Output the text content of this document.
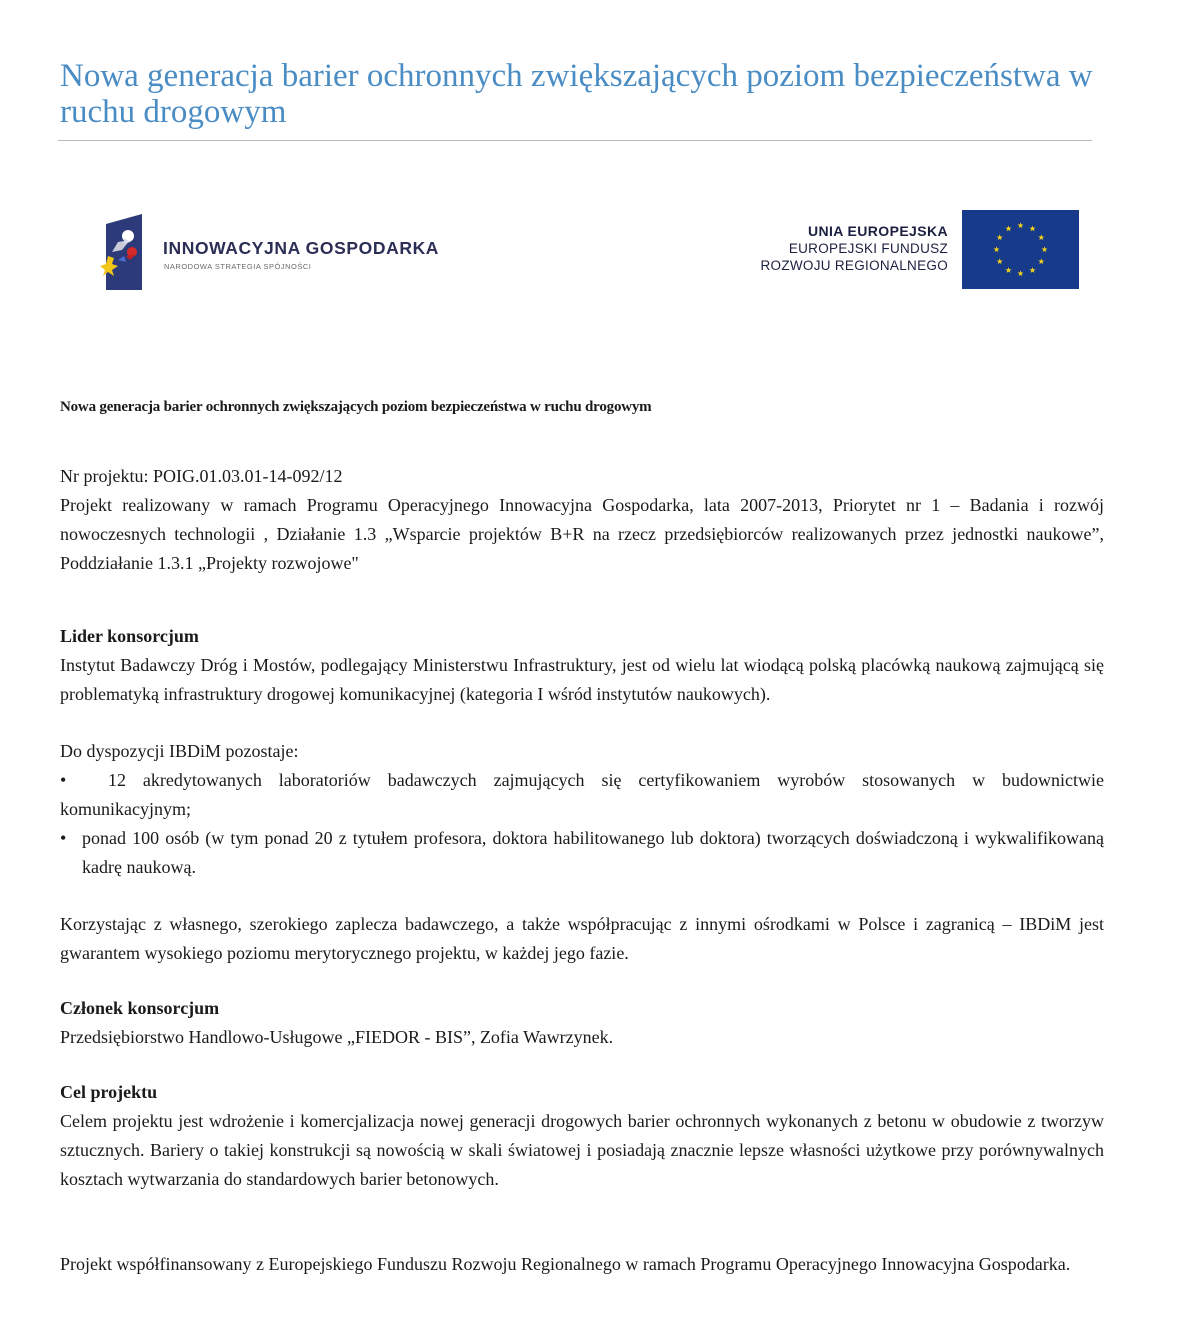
Nowa generacja barier ochronnych zwiększających poziom bezpieczeństwa w ruchu drogowym
INNOWACYJNA GOSPODARKA
NARODOWA STRATEGIA SPÓJNOŚCI
UNIA EUROPEJSKA
EUROPEJSKI FUNDUSZ
ROZWOJU REGIONALNEGO

Nowa generacja barier ochronnych zwiększających poziom bezpieczeństwa w ruchu drogowym

Nr projektu: POIG.01.03.01-14-092/12

Projekt realizowany w ramach Programu Operacyjnego Innowacyjna Gospodarka, lata 2007-2013, Priorytet nr 1 – Badania i rozwój nowoczesnych technologii , Działanie 1.3 „Wsparcie projektów B+R na rzecz przedsiębiorców realizowanych przez jednostki naukowe”, Poddziałanie 1.3.1 „Projekty rozwojowe"

Lider konsorcjum

Instytut Badawczy Dróg i Mostów, podlegający Ministerstwu Infrastruktury, jest od wielu lat wiodącą polską placówką naukową zajmującą się problematyką infrastruktury drogowej komunikacyjnej (kategoria I wśród instytutów naukowych).

Do dyspozycji IBDiM pozostaje:

•	12 akredytowanych laboratoriów badawczych zajmujących się certyfikowaniem wyrobów stosowanych w budownictwie komunikacyjnym;
• ponad 100 osób (w tym ponad 20 z tytułem profesora, doktora habilitowanego lub doktora) tworzących doświadczoną i wykwalifikowaną kadrę naukową.

Korzystając z własnego, szerokiego zaplecza badawczego, a także współpracując z innymi ośrodkami w Polsce i zagranicą – IBDiM jest gwarantem wysokiego poziomu merytorycznego projektu, w każdej jego fazie.

Członek konsorcjum

Przedsiębiorstwo Handlowo-Usługowe „FIEDOR - BIS”, Zofia Wawrzynek.

Cel projektu

Celem projektu jest wdrożenie i komercjalizacja nowej generacji drogowych barier ochronnych wykonanych z betonu w obudowie z tworzyw sztucznych. Bariery o takiej konstrukcji są nowością w skali światowej i posiadają znacznie lepsze własności użytkowe przy porównywalnych kosztach wytwarzania do standardowych barier betonowych.

Projekt współfinansowany z Europejskiego Funduszu Rozwoju Regionalnego w ramach Programu Operacyjnego Innowacyjna Gospodarka.
